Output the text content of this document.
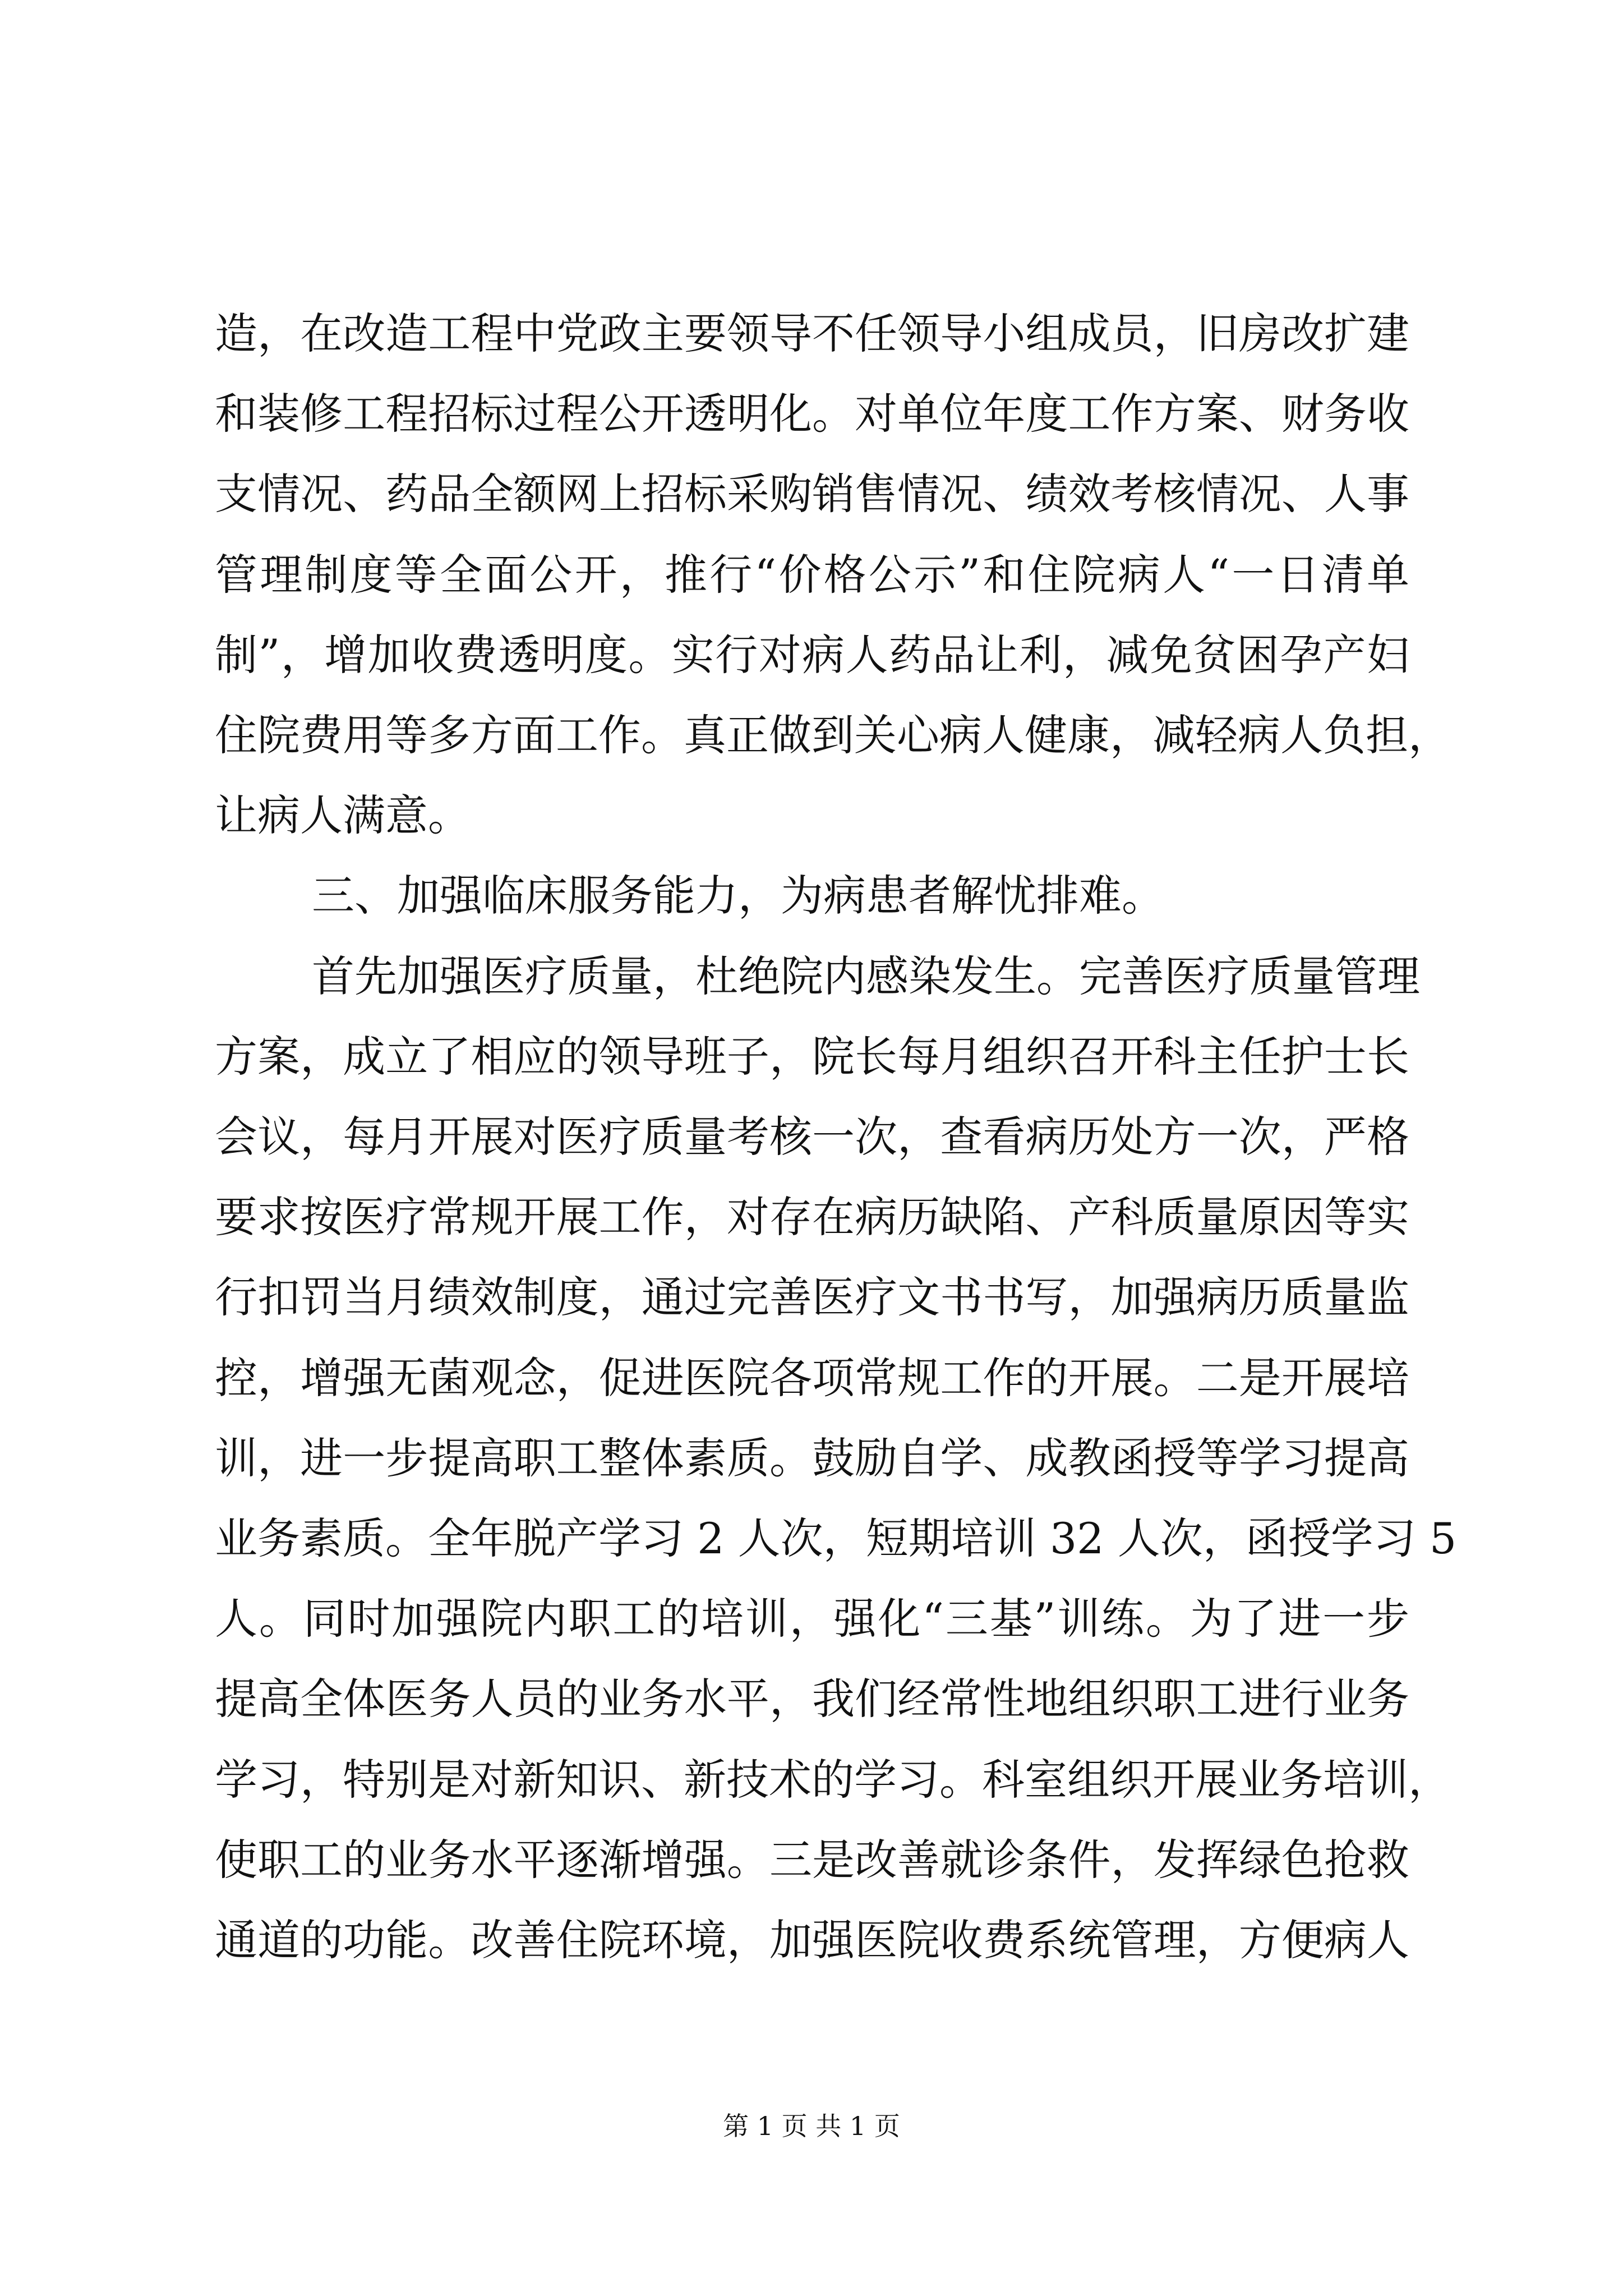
造，在改造工程中党政主要领导不任领导小组成员，旧房改扩建
和装修工程招标过程公开透明化。对单位年度工作方案、财务收
支情况、药品全额网上招标采购销售情况、绩效考核情况、人事
管理制度等全面公开，推行“价格公示”和住院病人“一日清单
制”，增加收费透明度。实行对病人药品让利，减免贫困孕产妇
住院费用等多方面工作。真正做到关心病人健康，减轻病人负担，
让病人满意。
三、加强临床服务能力，为病患者解忧排难。
首先加强医疗质量，杜绝院内感染发生。完善医疗质量管理
方案，成立了相应的领导班子，院长每月组织召开科主任护士长
会议，每月开展对医疗质量考核一次，查看病历处方一次，严格
要求按医疗常规开展工作，对存在病历缺陷、产科质量原因等实
行扣罚当月绩效制度，通过完善医疗文书书写，加强病历质量监
控，增强无菌观念，促进医院各项常规工作的开展。二是开展培
训，进一步提高职工整体素质。鼓励自学、成教函授等学习提高
业务素质。全年脱产学习 2 人次，短期培训 32 人次，函授学习 5
人。同时加强院内职工的培训，强化“三基”训练。为了进一步
提高全体医务人员的业务水平，我们经常性地组织职工进行业务
学习，特别是对新知识、新技术的学习。科室组织开展业务培训，
使职工的业务水平逐渐增强。三是改善就诊条件，发挥绿色抢救
通道的功能。改善住院环境，加强医院收费系统管理，方便病人
第 1 页 共 1 页
